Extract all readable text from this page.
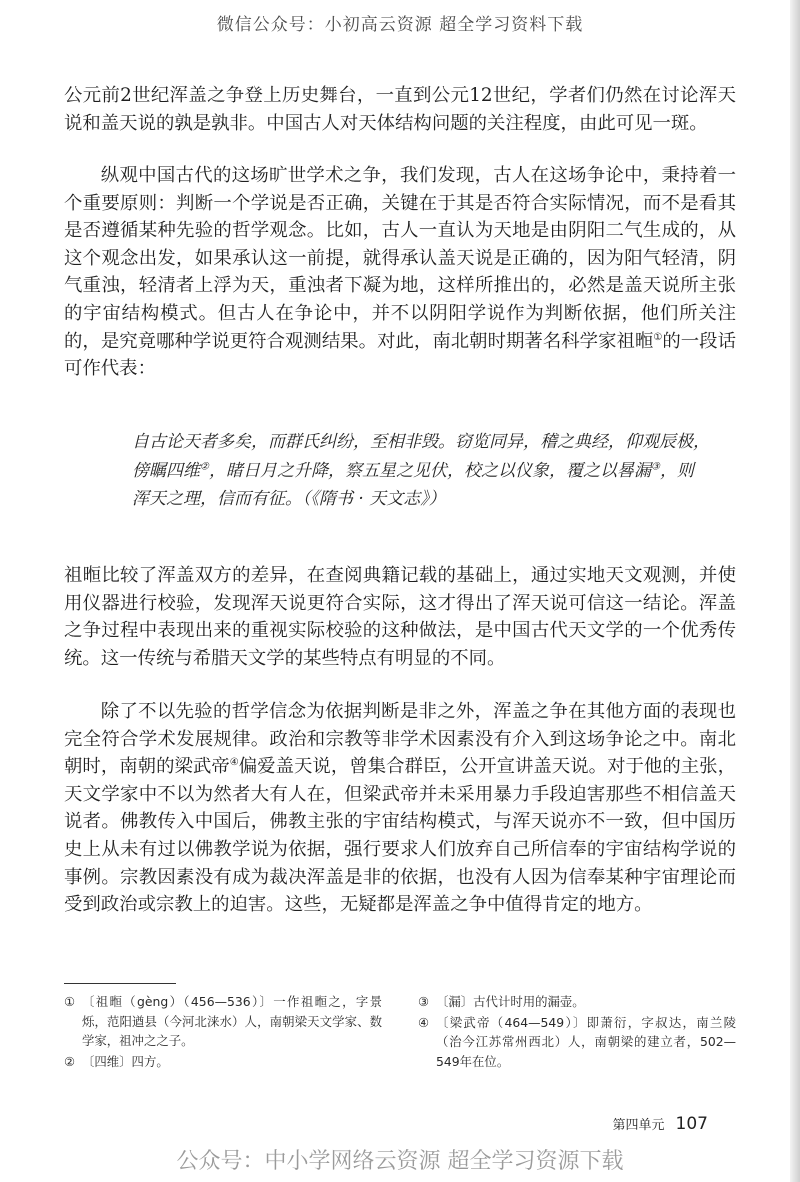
微信公众号：小初高云资源 超全学习资料下载
公元前2世纪浑盖之争登上历史舞台，一直到公元12世纪，学者们仍然在讨论浑天说和盖天说的孰是孰非。中国古人对天体结构问题的关注程度，由此可见一斑。
纵观中国古代的这场旷世学术之争，我们发现，古人在这场争论中，秉持着一个重要原则：判断一个学说是否正确，关键在于其是否符合实际情况，而不是看其是否遵循某种先验的哲学观念。比如，古人一直认为天地是由阴阳二气生成的，从这个观念出发，如果承认这一前提，就得承认盖天说是正确的，因为阳气轻清，阴气重浊，轻清者上浮为天，重浊者下凝为地，这样所推出的，必然是盖天说所主张的宇宙结构模式。但古人在争论中，并不以阴阳学说作为判断依据，他们所关注的，是究竟哪种学说更符合观测结果。对此，南北朝时期著名科学家祖暅①的一段话可作代表：
自古论天者多矣，而群氏纠纷，至相非毁。窃览同异，稽之典经，仰观辰极，傍瞩四维②，睹日月之升降，察五星之见伏，校之以仪象，覆之以晷漏③，则浑天之理，信而有征。（《隋书 · 天文志》）
祖暅比较了浑盖双方的差异，在查阅典籍记载的基础上，通过实地天文观测，并使用仪器进行校验，发现浑天说更符合实际，这才得出了浑天说可信这一结论。浑盖之争过程中表现出来的重视实际校验的这种做法，是中国古代天文学的一个优秀传统。这一传统与希腊天文学的某些特点有明显的不同。
除了不以先验的哲学信念为依据判断是非之外，浑盖之争在其他方面的表现也完全符合学术发展规律。政治和宗教等非学术因素没有介入到这场争论之中。南北朝时，南朝的梁武帝④偏爱盖天说，曾集合群臣，公开宣讲盖天说。对于他的主张，天文学家中不以为然者大有人在，但梁武帝并未采用暴力手段迫害那些不相信盖天说者。佛教传入中国后，佛教主张的宇宙结构模式，与浑天说亦不一致，但中国历史上从未有过以佛教学说为依据，强行要求人们放弃自己所信奉的宇宙结构学说的事例。宗教因素没有成为裁决浑盖是非的依据，也没有人因为信奉某种宇宙理论而受到政治或宗教上的迫害。这些，无疑都是浑盖之争中值得肯定的地方。
① 〔祖暅（gèng）（456—536）〕一作祖暅之，字景烁，范阳遒县（今河北涞水）人，南朝梁天文学家、数学家，祖冲之之子。
② 〔四维〕四方。
③ 〔漏〕古代计时用的漏壶。
④ 〔梁武帝（464—549）〕即萧衍，字叔达，南兰陵（治今江苏常州西北）人，南朝梁的建立者，502—549年在位。
第四单元 107
公众号：中小学网络云资源 超全学习资源下载
